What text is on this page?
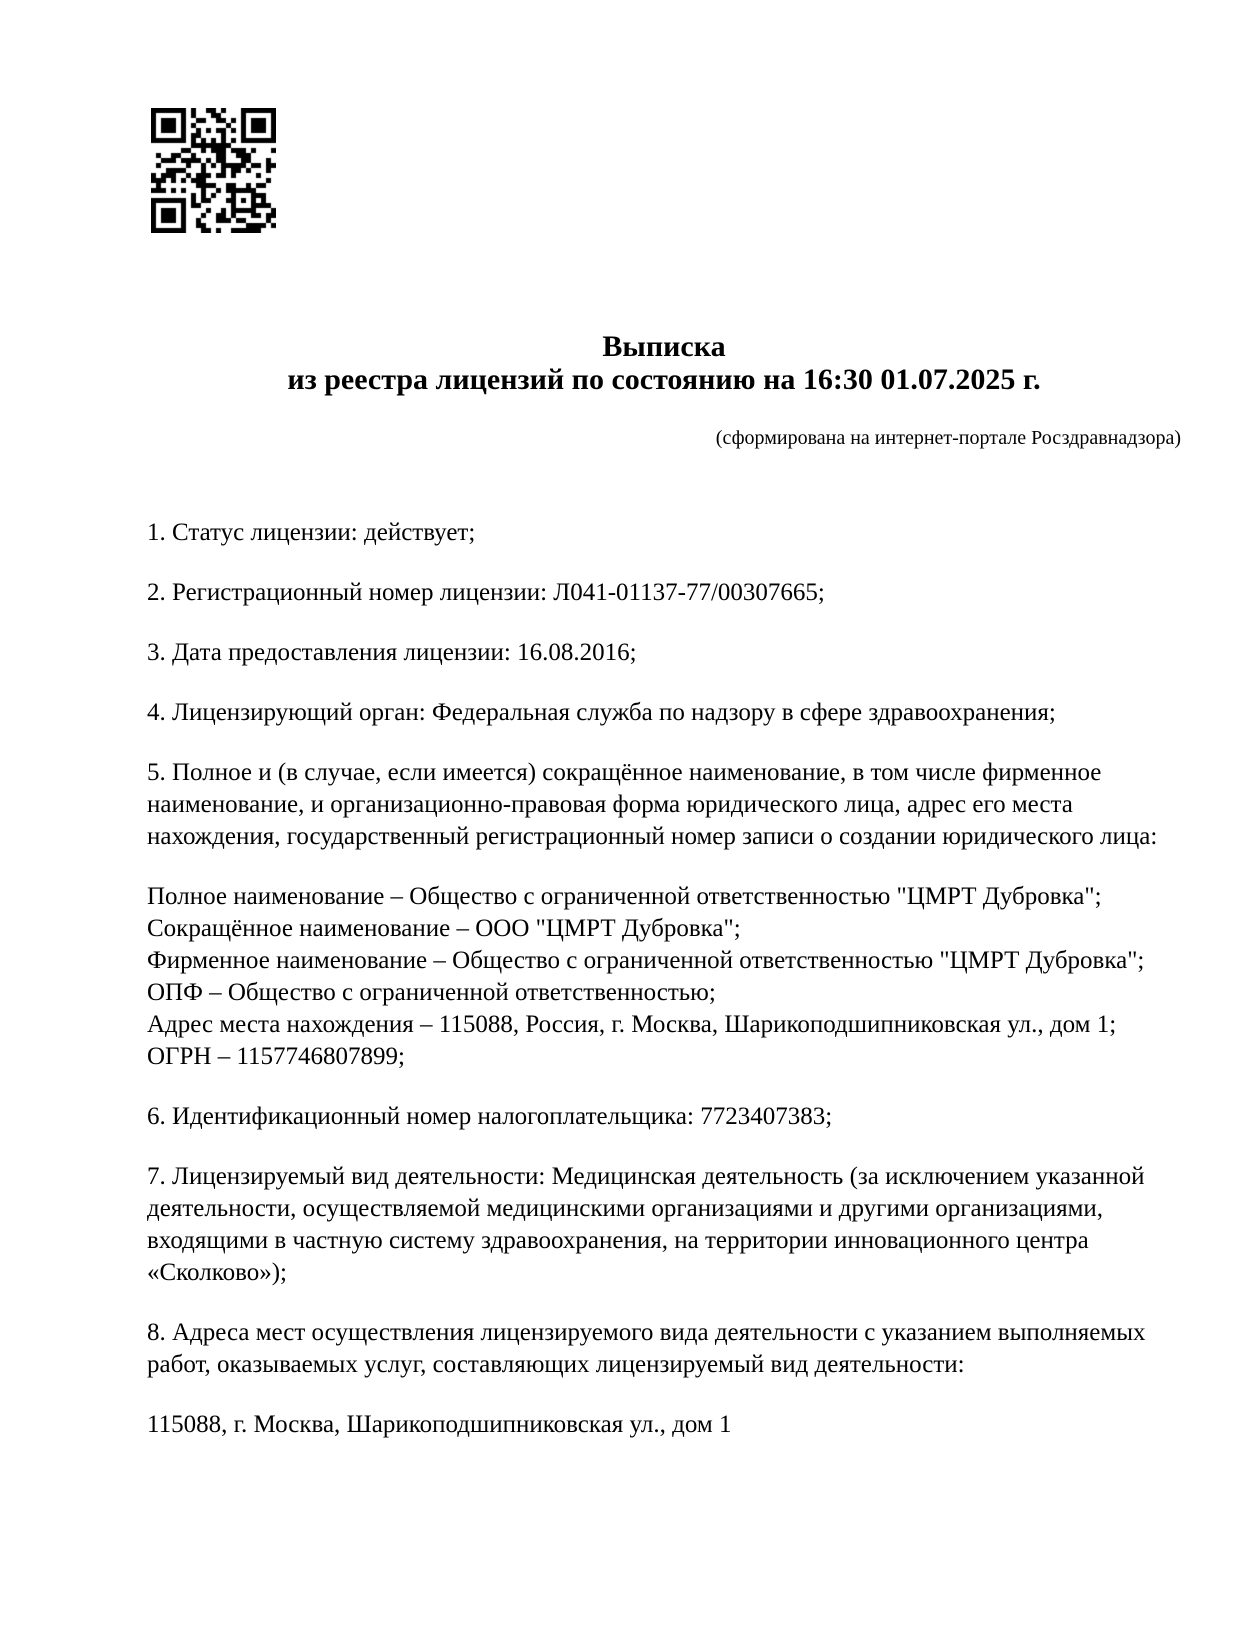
Выписка
из реестра лицензий по состоянию на 16:30 01.07.2025 г.
(сформирована на интернет-портале Росздравнадзора)

1. Статус лицензии: действует;

2. Регистрационный номер лицензии: Л041-01137-77/00307665;

3. Дата предоставления лицензии: 16.08.2016;

4. Лицензирующий орган: Федеральная служба по надзору в сфере здравоохранения;

5. Полное и (в случае, если имеется) сокращённое наименование, в том числе фирменное
наименование, и организационно-правовая форма юридического лица, адрес его места
нахождения, государственный регистрационный номер записи о создании юридического лица:

Полное наименование – Общество с ограниченной ответственностью "ЦМРТ Дубровка";
Сокращённое наименование – ООО "ЦМРТ Дубровка";
Фирменное наименование – Общество с ограниченной ответственностью "ЦМРТ Дубровка";
ОПФ – Общество с ограниченной ответственностью;
Адрес места нахождения – 115088, Россия, г. Москва, Шарикоподшипниковская ул., дом 1;
ОГРН – 1157746807899;

6. Идентификационный номер налогоплательщика: 7723407383;

7. Лицензируемый вид деятельности: Медицинская деятельность (за исключением указанной
деятельности, осуществляемой медицинскими организациями и другими организациями,
входящими в частную систему здравоохранения, на территории инновационного центра
«Сколково»);

8. Адреса мест осуществления лицензируемого вида деятельности с указанием выполняемых
работ, оказываемых услуг, составляющих лицензируемый вид деятельности:

115088, г. Москва, Шарикоподшипниковская ул., дом 1
